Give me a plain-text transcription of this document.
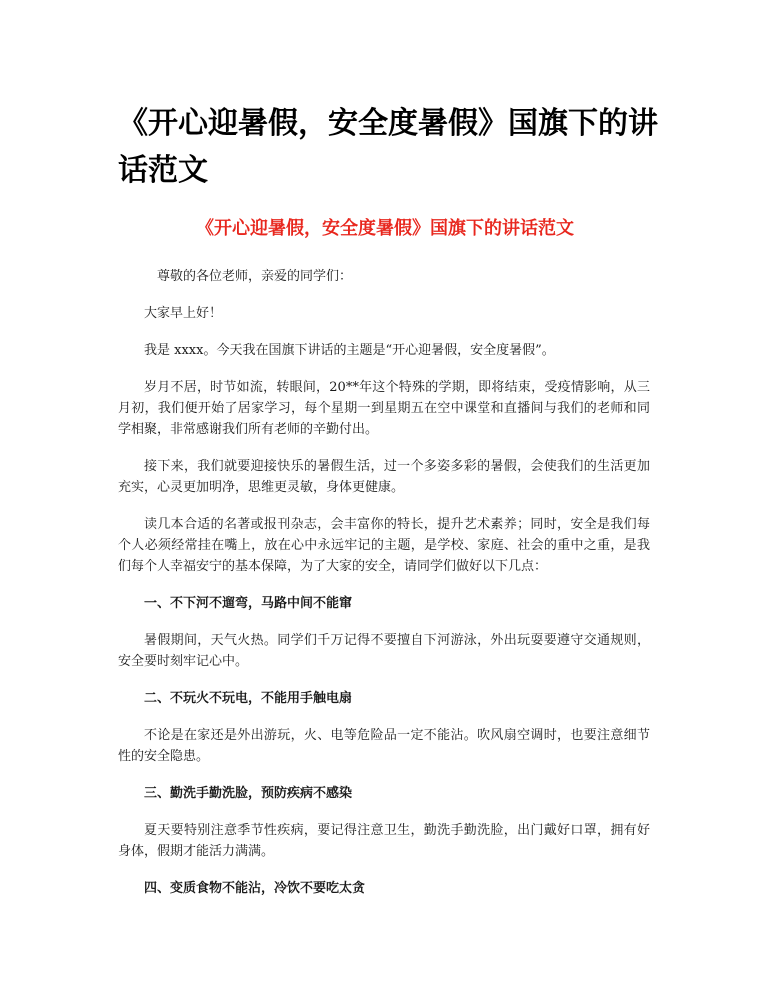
《开心迎暑假，安全度暑假》国旗下的讲话范文
《开心迎暑假，安全度暑假》国旗下的讲话范文

尊敬的各位老师，亲爱的同学们：

大家早上好！

我是 xxxx。今天我在国旗下讲话的主题是“开心迎暑假，安全度暑假”。

岁月不居，时节如流，转眼间，20**年这个特殊的学期，即将结束，受疫情影响，从三月初，我们便开始了居家学习，每个星期一到星期五在空中课堂和直播间与我们的老师和同学相聚，非常感谢我们所有老师的辛勤付出。

接下来，我们就要迎接快乐的暑假生活，过一个多姿多彩的暑假，会使我们的生活更加充实，心灵更加明净，思维更灵敏，身体更健康。

读几本合适的名著或报刊杂志，会丰富你的特长，提升艺术素养；同时，安全是我们每个人必须经常挂在嘴上，放在心中永远牢记的主题，是学校、家庭、社会的重中之重，是我们每个人幸福安宁的基本保障，为了大家的安全，请同学们做好以下几点：

一、不下河不遛弯，马路中间不能窜

暑假期间，天气火热。同学们千万记得不要擅自下河游泳，外出玩耍要遵守交通规则，安全要时刻牢记心中。

二、不玩火不玩电，不能用手触电扇

不论是在家还是外出游玩，火、电等危险品一定不能沾。吹风扇空调时，也要注意细节性的安全隐患。

三、勤洗手勤洗脸，预防疾病不感染

夏天要特别注意季节性疾病，要记得注意卫生，勤洗手勤洗脸，出门戴好口罩，拥有好身体，假期才能活力满满。

四、变质食物不能沾，冷饮不要吃太贪
